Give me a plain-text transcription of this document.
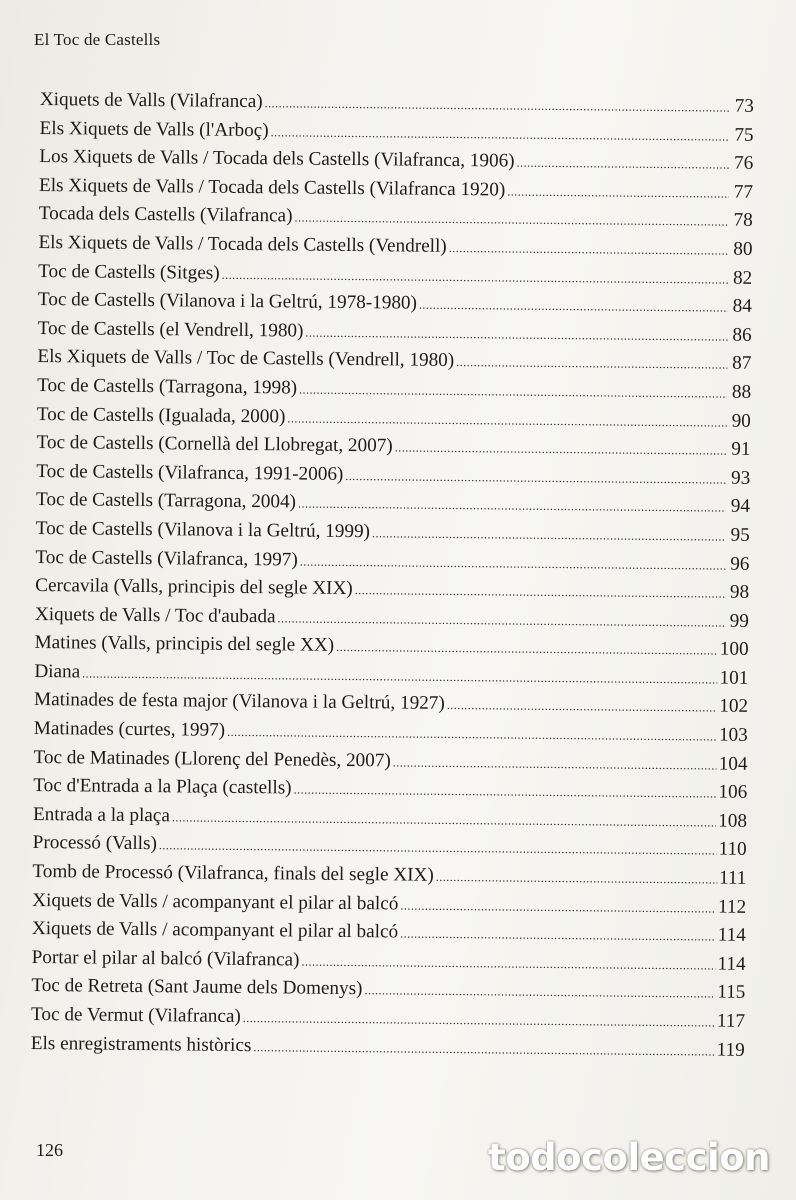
El Toc de Castells
Xiquets de Valls (Vilafranca) .....	73
Els Xiquets de Valls (l'Arboç) .....	75
Los Xiquets de Valls / Tocada dels Castells (Vilafranca, 1906) .....	76
Els Xiquets de Valls / Tocada dels Castells (Vilafranca 1920) .....	77
Tocada dels Castells (Vilafranca) .....	78
Els Xiquets de Valls / Tocada dels Castells (Vendrell) .....	80
Toc de Castells (Sitges) .....	82
Toc de Castells (Vilanova i la Geltrú, 1978-1980) .....	84
Toc de Castells (el Vendrell, 1980) .....	86
Els Xiquets de Valls / Toc de Castells (Vendrell, 1980) .....	87
Toc de Castells (Tarragona, 1998) .....	88
Toc de Castells (Igualada, 2000) .....	90
Toc de Castells (Cornellà del Llobregat, 2007) .....	91
Toc de Castells (Vilafranca, 1991-2006) .....	93
Toc de Castells (Tarragona, 2004) .....	94
Toc de Castells (Vilanova i la Geltrú, 1999) .....	95
Toc de Castells (Vilafranca, 1997) .....	96
Cercavila (Valls, principis del segle XIX) .....	98
Xiquets de Valls / Toc d'aubada .....	99
Matines (Valls, principis del segle XX) .....	100
Diana .....	101
Matinades de festa major (Vilanova i la Geltrú, 1927) .....	102
Matinades (curtes, 1997) .....	103
Toc de Matinades (Llorenç del Penedès, 2007) .....	104
Toc d'Entrada a la Plaça (castells) .....	106
Entrada a la plaça .....	108
Processó (Valls) .....	110
Tomb de Processó (Vilafranca, finals del segle XIX) .....	111
Xiquets de Valls / acompanyant el pilar al balcó .....	112
Xiquets de Valls / acompanyant el pilar al balcó .....	114
Portar el pilar al balcó (Vilafranca) .....	114
Toc de Retreta (Sant Jaume dels Domenys) .....	115
Toc de Vermut (Vilafranca) .....	117
Els enregistraments històrics .....	119
126	todocoleccion
